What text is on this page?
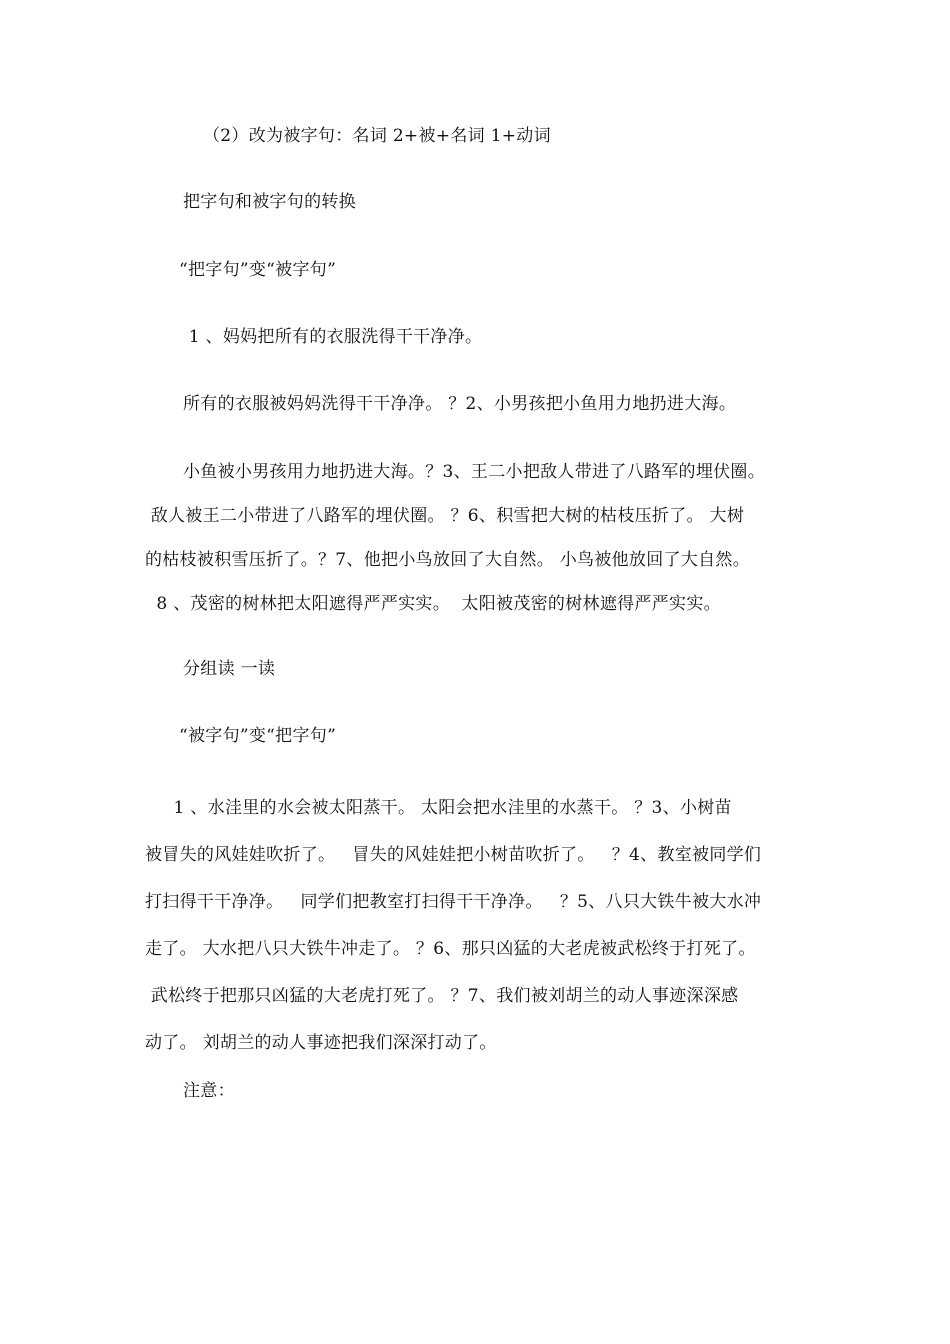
（2）改为被字句：名词 2+被+名词 1+动词
把字句和被字句的转换
“把字句”变“被字句”
1 、妈妈把所有的衣服洗得干干净净。
所有的衣服被妈妈洗得干干净净。 ？2、小男孩把小鱼用力地扔进大海。
小鱼被小男孩用力地扔进大海。？3、王二小把敌人带进了八路军的埋伏圈。
敌人被王二小带进了八路军的埋伏圈。 ？6、积雪把大树的枯枝压折了。 大树
的枯枝被积雪压折了。？7、他把小鸟放回了大自然。 小鸟被他放回了大自然。
8 、茂密的树林把太阳遮得严严实实。  太阳被茂密的树林遮得严严实实。
分组读 一读
“被字句”变“把字句”
1 、水洼里的水会被太阳蒸干。 太阳会把水洼里的水蒸干。 ？3、小树苗
被冒失的风娃娃吹折了。   冒失的风娃娃把小树苗吹折了。   ？4、教室被同学们
打扫得干干净净。   同学们把教室打扫得干干净净。   ？5、八只大铁牛被大水冲
走了。 大水把八只大铁牛冲走了。 ？6、那只凶猛的大老虎被武松终于打死了。
武松终于把那只凶猛的大老虎打死了。 ？7、我们被刘胡兰的动人事迹深深感
动了。 刘胡兰的动人事迹把我们深深打动了。
注意：
